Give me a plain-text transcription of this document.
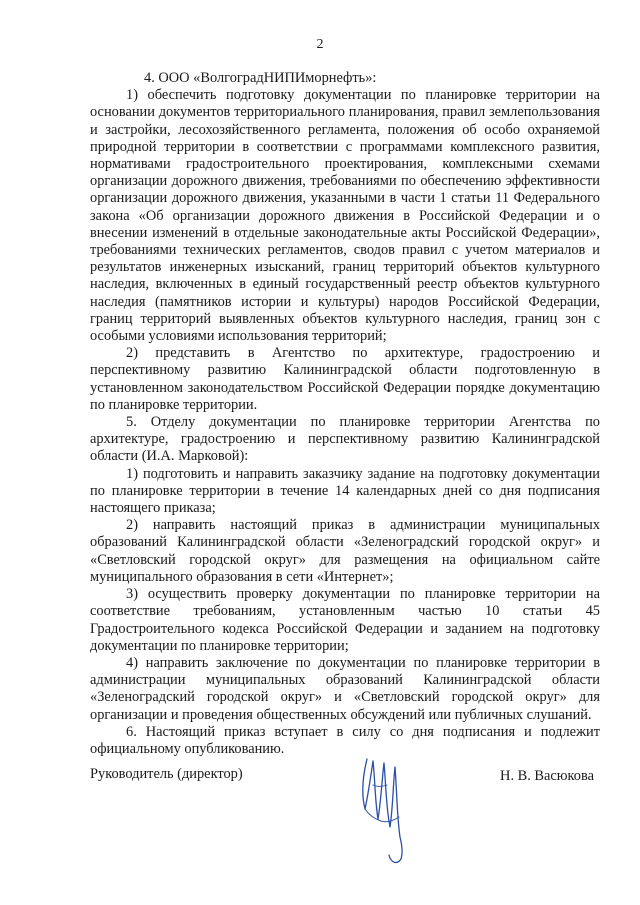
2

4. ООО «ВолгоградНИПИморнефть»:

1) обеспечить подготовку документации по планировке территории на основании документов территориального планирования, правил землепользования и застройки, лесохозяйственного регламента, положения об особо охраняемой природной территории в соответствии с программами комплексного развития, нормативами градостроительного проектирования, комплексными схемами организации дорожного движения, требованиями по обеспечению эффективности организации дорожного движения, указанными в части 1 статьи 11 Федерального закона «Об организации дорожного движения в Российской Федерации и о внесении изменений в отдельные законодательные акты Российской Федерации», требованиями технических регламентов, сводов правил с учетом материалов и результатов инженерных изысканий, границ территорий объектов культурного наследия, включенных в единый государственный реестр объектов культурного наследия (памятников истории и культуры) народов Российской Федерации, границ территорий выявленных объектов культурного наследия, границ зон с особыми условиями использования территорий;

2) представить в Агентство по архитектуре, градостроению и перспективному развитию Калининградской области подготовленную в установленном законодательством Российской Федерации порядке документацию по планировке территории.

5. Отделу документации по планировке территории Агентства по архитектуре, градостроению и перспективному развитию Калининградской области (И.А. Марковой):

1) подготовить и направить заказчику задание на подготовку документации по планировке территории в течение 14 календарных дней со дня подписания настоящего приказа;

2) направить настоящий приказ в администрации муниципальных образований Калининградской области «Зеленоградский городской округ» и «Светловский городской округ» для размещения на официальном сайте муниципального образования в сети «Интернет»;

3) осуществить проверку документации по планировке территории на соответствие требованиям, установленным частью 10 статьи 45 Градостроительного кодекса Российской Федерации и заданием на подготовку документации по планировке территории;

4) направить заключение по документации по планировке территории в администрации муниципальных образований Калининградской области «Зеленоградский городской округ» и «Светловский городской округ» для организации и проведения общественных обсуждений или публичных слушаний.

6. Настоящий приказ вступает в силу со дня подписания и подлежит официальному опубликованию.

Руководитель (директор)	Н. В. Васюкова
